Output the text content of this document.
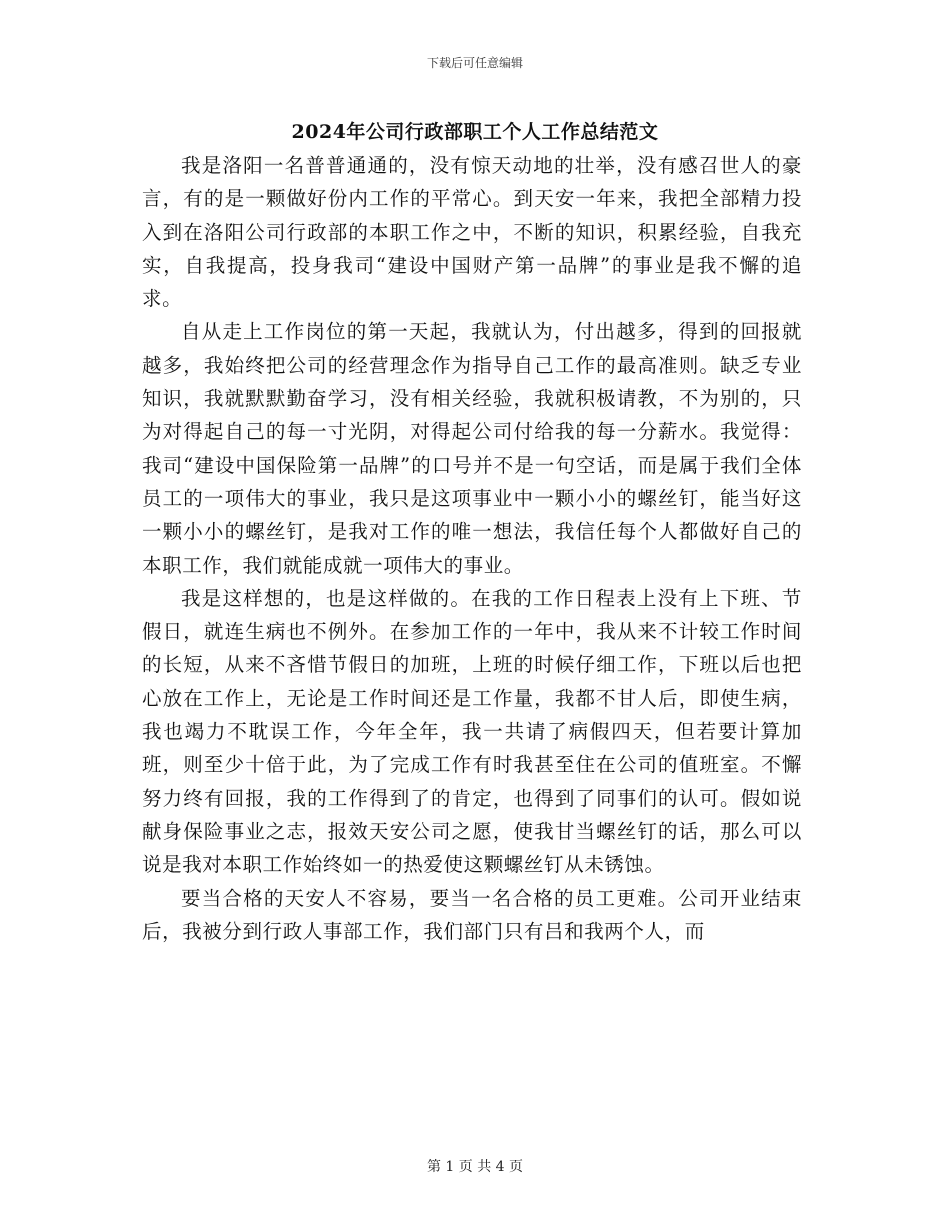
下载后可任意编辑
2024年公司行政部职工个人工作总结范文

我是洛阳一名普普通通的，没有惊天动地的壮举，没有感召世人的豪言，有的是一颗做好份内工作的平常心。到天安一年来，我把全部精力投入到在洛阳公司行政部的本职工作之中，不断的知识，积累经验，自我充实，自我提高，投身我司“建设中国财产第一品牌”的事业是我不懈的追求。

自从走上工作岗位的第一天起，我就认为，付出越多，得到的回报就越多，我始终把公司的经营理念作为指导自己工作的最高准则。缺乏专业知识，我就默默勤奋学习，没有相关经验，我就积极请教，不为别的，只为对得起自己的每一寸光阴，对得起公司付给我的每一分薪水。我觉得：我司“建设中国保险第一品牌”的口号并不是一句空话，而是属于我们全体员工的一项伟大的事业，我只是这项事业中一颗小小的螺丝钉，能当好这一颗小小的螺丝钉，是我对工作的唯一想法，我信任每个人都做好自己的本职工作，我们就能成就一项伟大的事业。

我是这样想的，也是这样做的。在我的工作日程表上没有上下班、节假日，就连生病也不例外。在参加工作的一年中，我从来不计较工作时间的长短，从来不吝惜节假日的加班，上班的时候仔细工作，下班以后也把心放在工作上，无论是工作时间还是工作量，我都不甘人后，即使生病，我也竭力不耽误工作，今年全年，我一共请了病假四天，但若要计算加班，则至少十倍于此，为了完成工作有时我甚至住在公司的值班室。不懈努力终有回报，我的工作得到了的肯定，也得到了同事们的认可。假如说献身保险事业之志，报效天安公司之愿，使我甘当螺丝钉的话，那么可以说是我对本职工作始终如一的热爱使这颗螺丝钉从未锈蚀。

要当合格的天安人不容易，要当一名合格的员工更难。公司开业结束后，我被分到行政人事部工作，我们部门只有吕和我两个人，而

第 1 页 共 4 页
